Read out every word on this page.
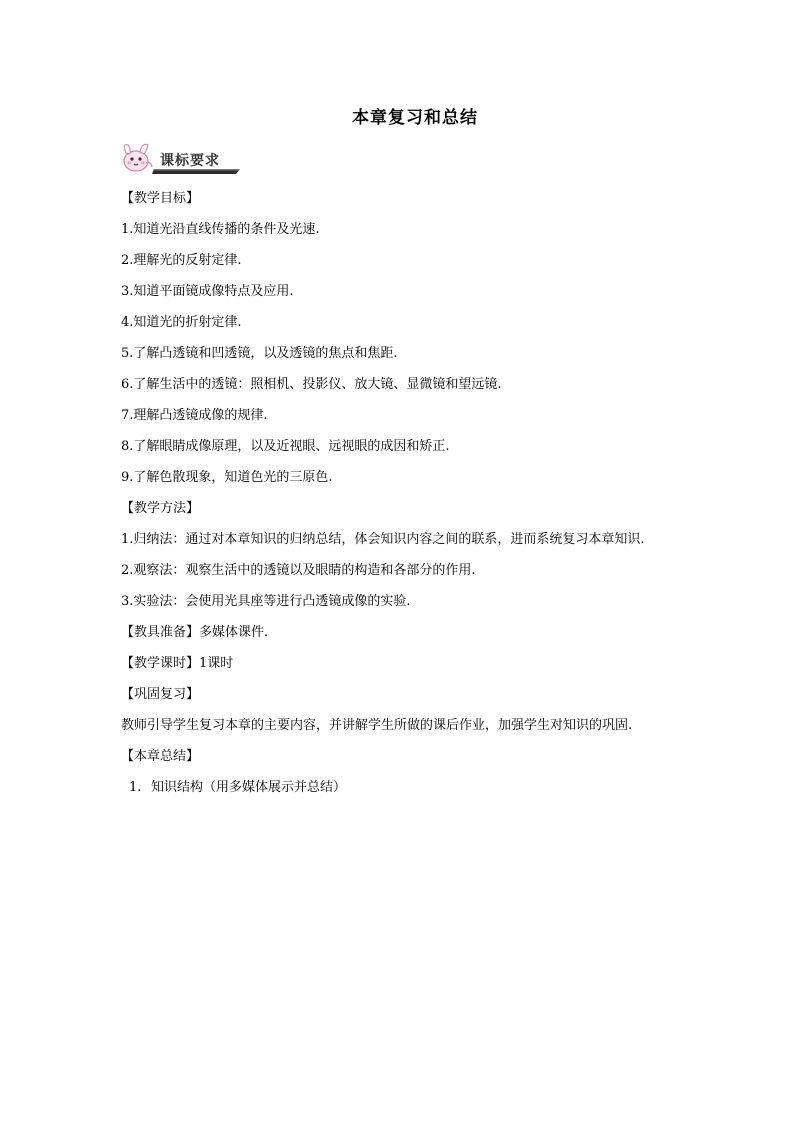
本章复习和总结
课标要求
【教学目标】
1.知道光沿直线传播的条件及光速.
2.理解光的反射定律.
3.知道平面镜成像特点及应用.
4.知道光的折射定律.
5.了解凸透镜和凹透镜，以及透镜的焦点和焦距.
6.了解生活中的透镜：照相机、投影仪、放大镜、显微镜和望远镜.
7.理解凸透镜成像的规律.
8.了解眼睛成像原理，以及近视眼、远视眼的成因和矫正.
9.了解色散现象，知道色光的三原色.
【教学方法】
1.归纳法：通过对本章知识的归纳总结，体会知识内容之间的联系，进而系统复习本章知识.
2.观察法：观察生活中的透镜以及眼睛的构造和各部分的作用.
3.实验法：会使用光具座等进行凸透镜成像的实验.
【教具准备】多媒体课件.
【教学课时】1课时
【巩固复习】
教师引导学生复习本章的主要内容，并讲解学生所做的课后作业，加强学生对知识的巩固.
【本章总结】
1. 知识结构（用多媒体展示并总结）
